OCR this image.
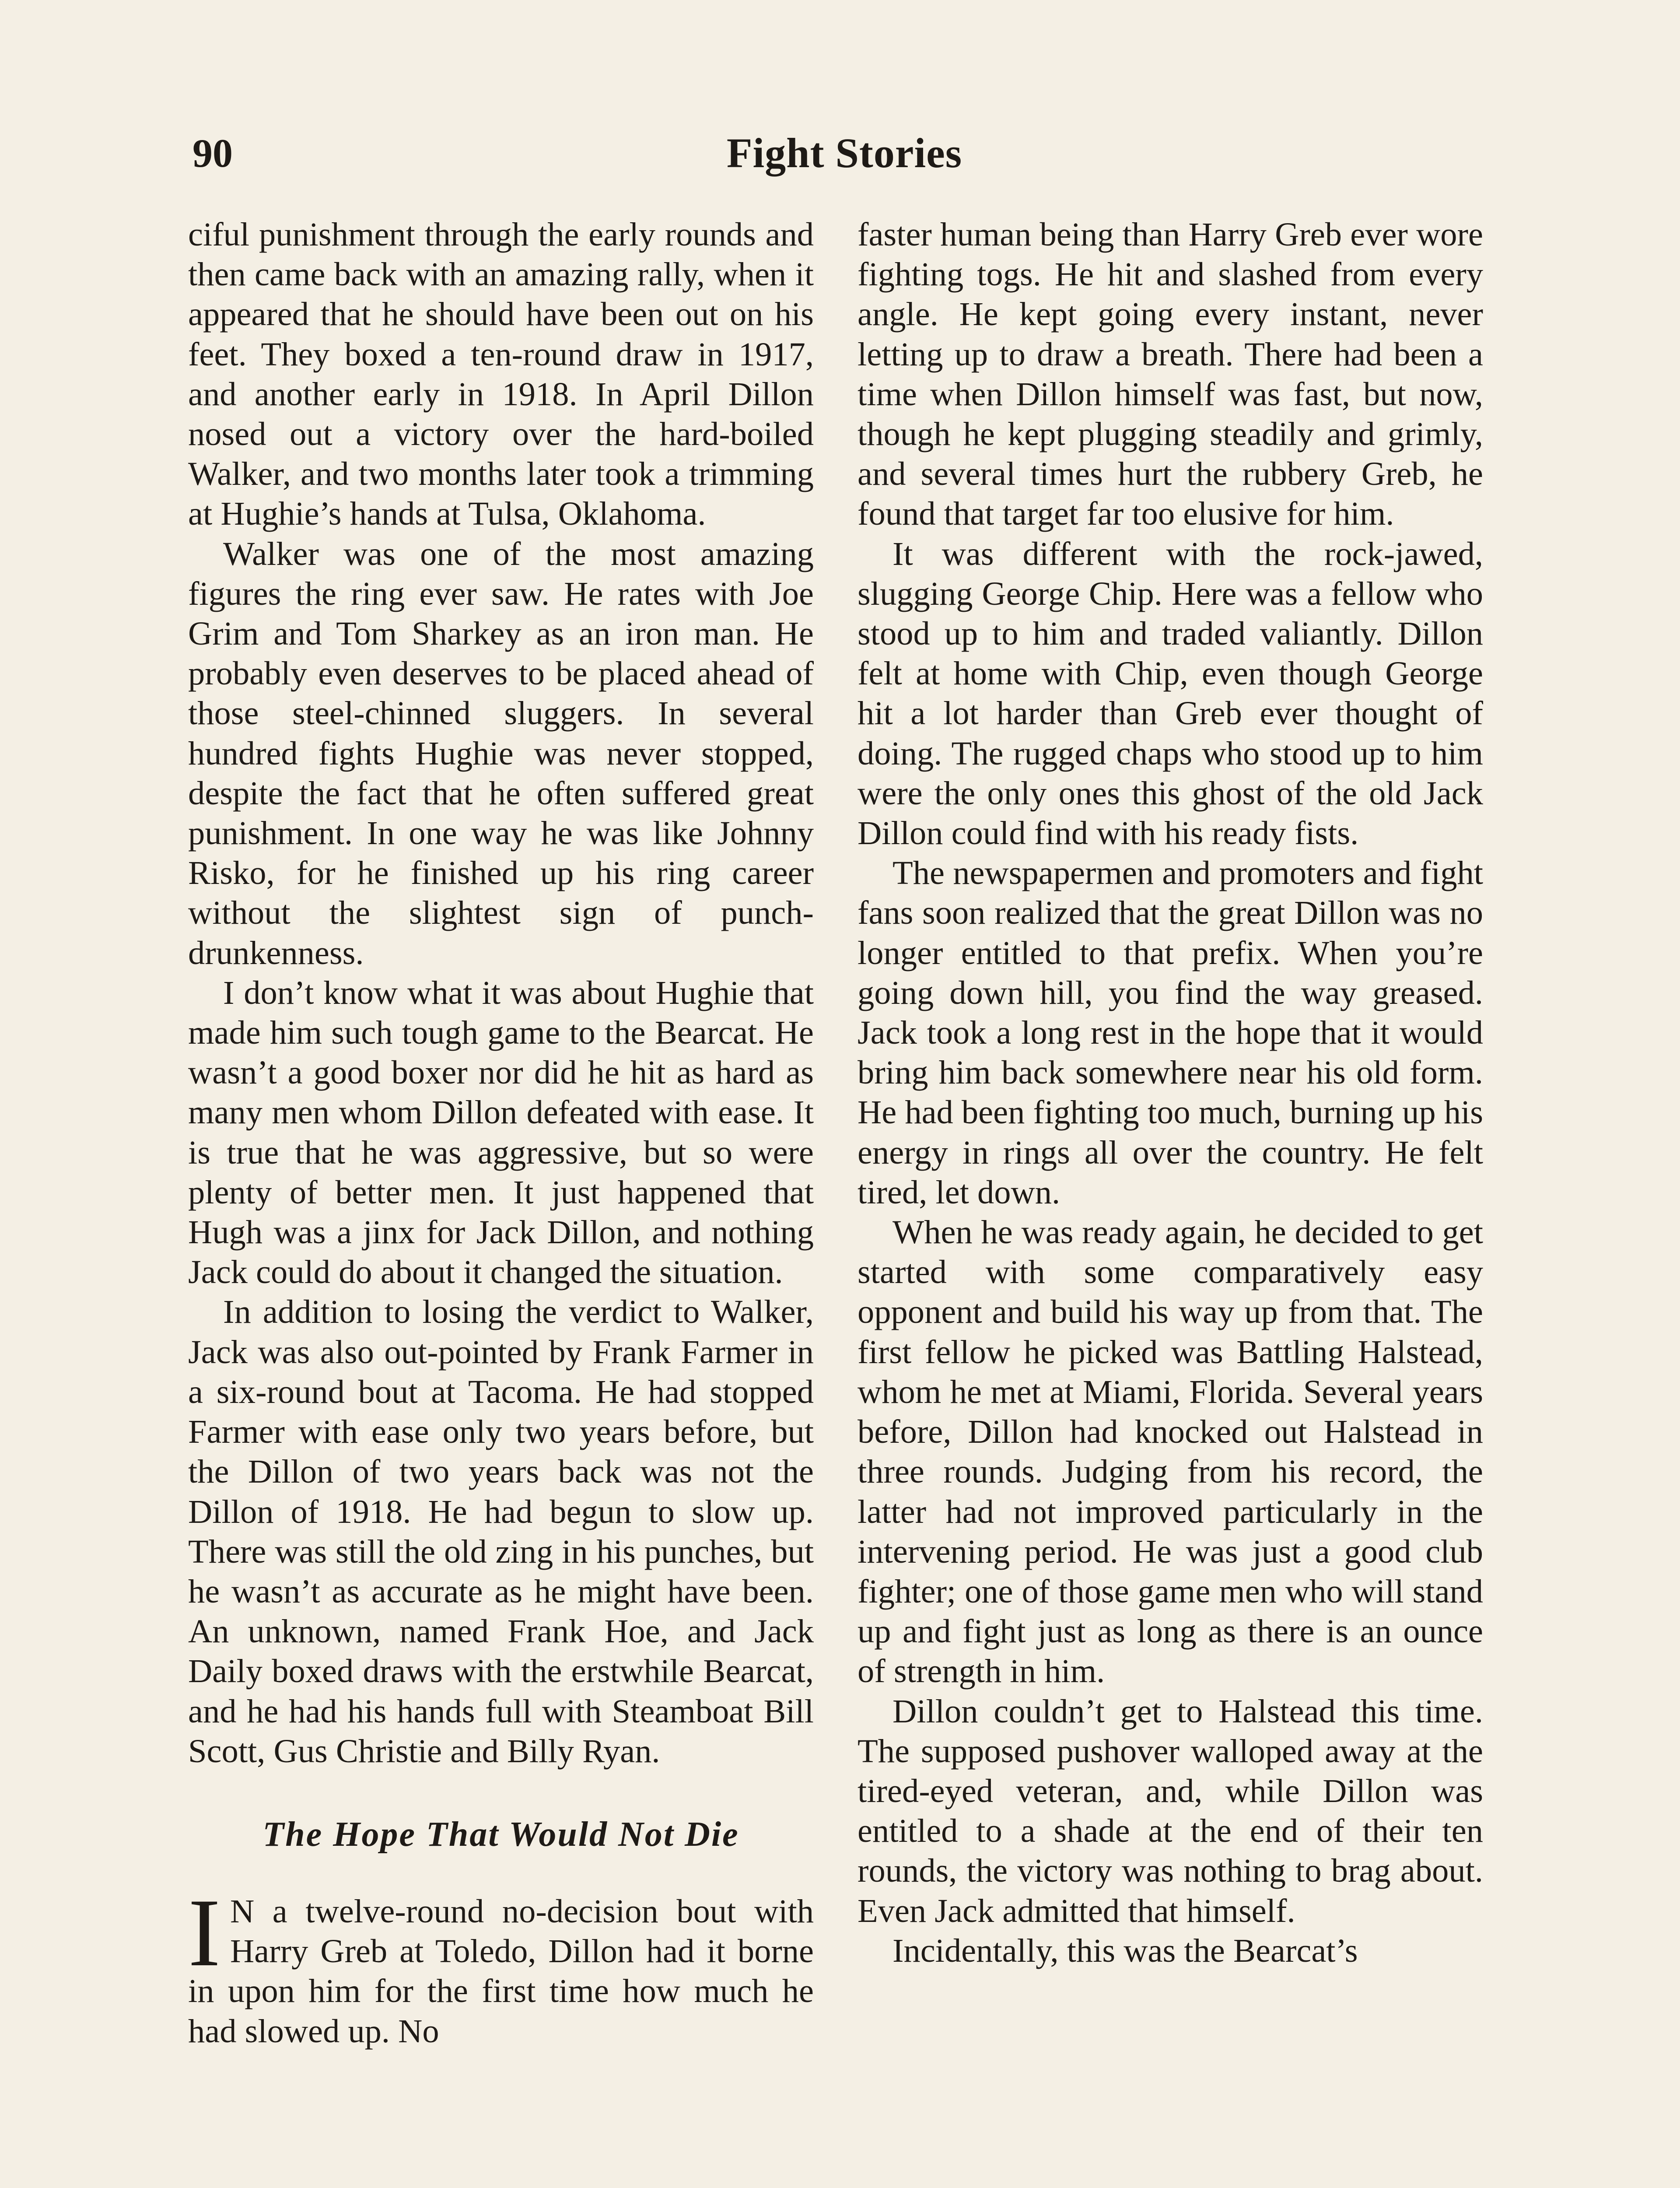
90	Fight Stories

ciful punishment through the early rounds and then came back with an amazing rally, when it appeared that he should have been out on his feet. They boxed a ten-round draw in 1917, and another early in 1918. In April Dillon nosed out a victory over the hard-boiled Walker, and two months later took a trimming at Hughie’s hands at Tulsa, Oklahoma.

Walker was one of the most amazing figures the ring ever saw. He rates with Joe Grim and Tom Sharkey as an iron man. He probably even deserves to be placed ahead of those steel-chinned sluggers. In several hundred fights Hughie was never stopped, despite the fact that he often suffered great punishment. In one way he was like Johnny Risko, for he finished up his ring career without the slightest sign of punch-drunkenness.

I don’t know what it was about Hughie that made him such tough game to the Bearcat. He wasn’t a good boxer nor did he hit as hard as many men whom Dillon defeated with ease. It is true that he was aggressive, but so were plenty of better men. It just happened that Hugh was a jinx for Jack Dillon, and nothing Jack could do about it changed the situation.

In addition to losing the verdict to Walker, Jack was also out-pointed by Frank Farmer in a six-round bout at Tacoma. He had stopped Farmer with ease only two years before, but the Dillon of two years back was not the Dillon of 1918. He had begun to slow up. There was still the old zing in his punches, but he wasn’t as accurate as he might have been. An unknown, named Frank Hoe, and Jack Daily boxed draws with the erstwhile Bearcat, and he had his hands full with Steamboat Bill Scott, Gus Christie and Billy Ryan.

The Hope That Would Not Die

I N a twelve-round no-decision bout with Harry Greb at Toledo, Dillon had it borne in upon him for the first time how much he had slowed up. No

faster human being than Harry Greb ever wore fighting togs. He hit and slashed from every angle. He kept going every instant, never letting up to draw a breath. There had been a time when Dillon himself was fast, but now, though he kept plugging steadily and grimly, and several times hurt the rubbery Greb, he found that target far too elusive for him.

It was different with the rock-jawed, slugging George Chip. Here was a fellow who stood up to him and traded valiantly. Dillon felt at home with Chip, even though George hit a lot harder than Greb ever thought of doing. The rugged chaps who stood up to him were the only ones this ghost of the old Jack Dillon could find with his ready fists.

The newspapermen and promoters and fight fans soon realized that the great Dillon was no longer entitled to that prefix. When you’re going down hill, you find the way greased. Jack took a long rest in the hope that it would bring him back somewhere near his old form. He had been fighting too much, burning up his energy in rings all over the country. He felt tired, let down.

When he was ready again, he decided to get started with some comparatively easy opponent and build his way up from that. The first fellow he picked was Battling Halstead, whom he met at Miami, Florida. Several years before, Dillon had knocked out Halstead in three rounds. Judging from his record, the latter had not improved particularly in the intervening period. He was just a good club fighter; one of those game men who will stand up and fight just as long as there is an ounce of strength in him.

Dillon couldn’t get to Halstead this time. The supposed pushover walloped away at the tired-eyed veteran, and, while Dillon was entitled to a shade at the end of their ten rounds, the victory was nothing to brag about. Even Jack admitted that himself.

Incidentally, this was the Bearcat’s
